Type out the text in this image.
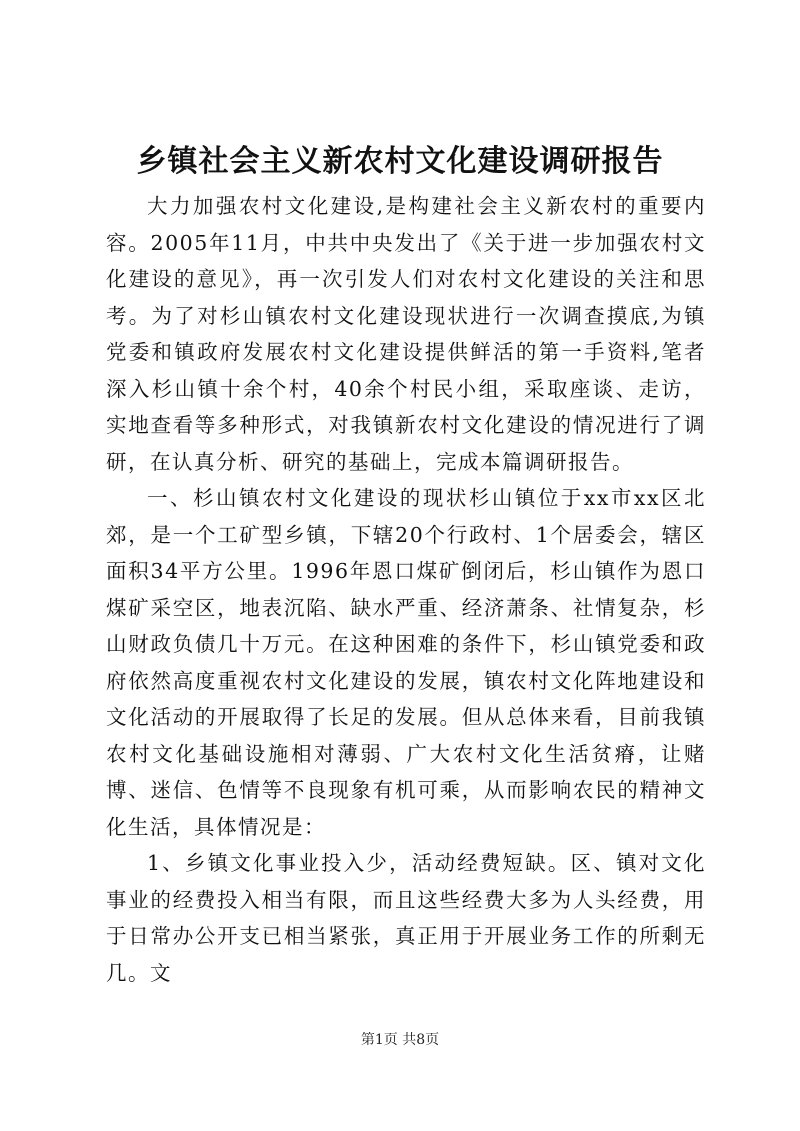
乡镇社会主义新农村文化建设调研报告

大力加强农村文化建设,是构建社会主义新农村的重要内容。2005年11月，中共中央发出了《关于进一步加强农村文化建设的意见》，再一次引发人们对农村文化建设的关注和思考。为了对杉山镇农村文化建设现状进行一次调查摸底,为镇党委和镇政府发展农村文化建设提供鲜活的第一手资料,笔者深入杉山镇十余个村，40余个村民小组，采取座谈、走访，实地查看等多种形式，对我镇新农村文化建设的情况进行了调研，在认真分析、研究的基础上，完成本篇调研报告。

一、杉山镇农村文化建设的现状杉山镇位于xx市xx区北郊，是一个工矿型乡镇，下辖20个行政村、1个居委会，辖区面积34平方公里。1996年恩口煤矿倒闭后，杉山镇作为恩口煤矿采空区，地表沉陷、缺水严重、经济萧条、社情复杂，杉山财政负债几十万元。在这种困难的条件下，杉山镇党委和政府依然高度重视农村文化建设的发展，镇农村文化阵地建设和文化活动的开展取得了长足的发展。但从总体来看，目前我镇农村文化基础设施相对薄弱、广大农村文化生活贫瘠，让赌博、迷信、色情等不良现象有机可乘，从而影响农民的精神文化生活，具体情况是：

1、乡镇文化事业投入少，活动经费短缺。区、镇对文化事业的经费投入相当有限，而且这些经费大多为人头经费，用于日常办公开支已相当紧张，真正用于开展业务工作的所剩无几。文

第1页 共8页
